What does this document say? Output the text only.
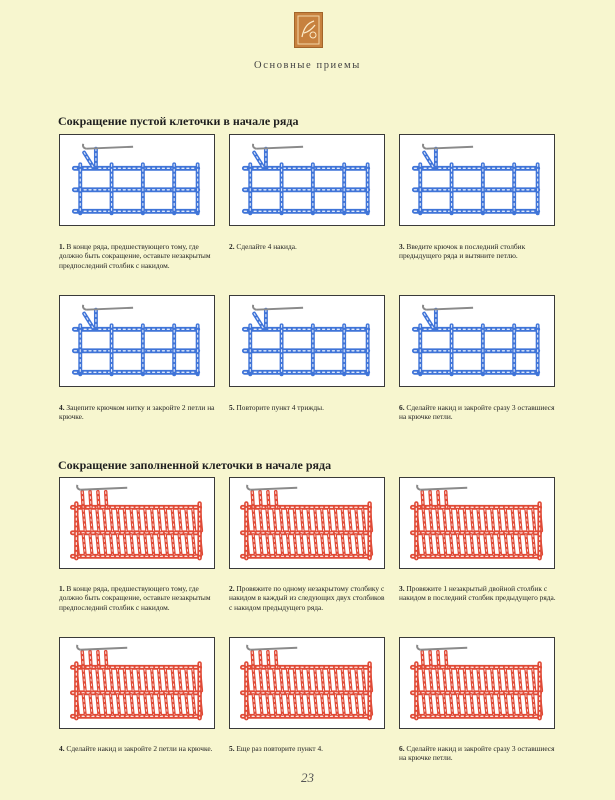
Основные приемы
Сокращение пустой клеточки в начале ряда
1. В конце ряда, предшествующего тому, где должно быть сокращение, оставьте незакрытым предпоследний столбик с накидом.
2. Сделайте 4 накида.	3. Введите крючок в последний столбик предыдущего ряда и вытяните петлю.
4. Зацепите крючком нитку и закройте 2 петли на крючке.
5. Повторите пункт 4 трижды.	6. Сделайте накид и закройте сразу 3 оставшиеся на крючке петли.
Сокращение заполненной клеточки в начале ряда
1. В конце ряда, предшествующего тому, где должно быть сокращение, оставьте незакрытым предпоследний столбик с накидом.
2. Провяжите по одному незакрытому столбику с накидом в каждый из следующих двух столбиков с накидом предыдущего ряда.
3. Провяжите 1 незакрытый двойной столбик с накидом в последний столбик предыдущего ряда.
4. Сделайте накид и закройте 2 петли на крючке.	5. Еще раз повторите пункт 4.	6. Сделайте накид и закройте сразу 3 оставшиеся на крючке петли.
23
